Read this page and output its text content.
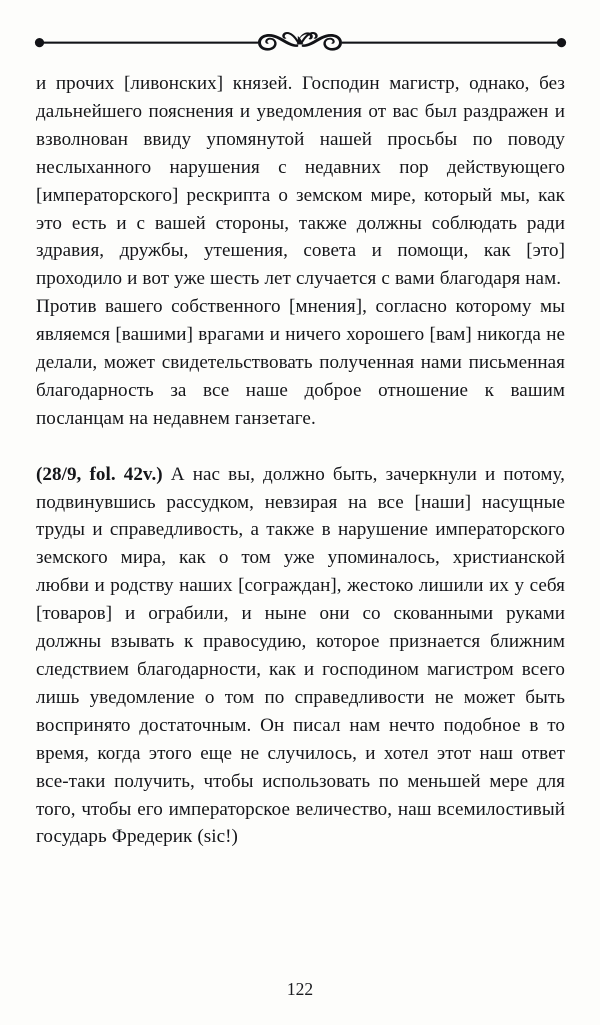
и прочих [ливонских] князей. Господин магистр, однако, без дальнейшего пояснения и уведомления от вас был раздражен и взволнован ввиду упомянутой нашей просьбы по поводу неслыханного нарушения с недавних пор действующего [императорского] рескрипта о земском мире, который мы, как это есть и с вашей стороны, также должны соблюдать ради здравия, дружбы, утешения, совета и помощи, как [это] проходило и вот уже шесть лет случается с вами благодаря нам.

Против вашего собственного [мнения], согласно которому мы являемся [вашими] врагами и ничего хорошего [вам] никогда не делали, может свидетельствовать полученная нами письменная благодарность за все наше доброе отношение к вашим посланцам на недавнем ганзетаге.

(28/9, fol. 42v.) А нас вы, должно быть, зачеркнули и потому, подвинувшись рассудком, невзирая на все [наши] насущные труды и справедливость, а также в нарушение императорского земского мира, как о том уже упоминалось, христианской любви и родству наших [сограждан], жестоко лишили их у себя [товаров] и ограбили, и ныне они со скованными руками должны взывать к правосудию, которое признается ближним следствием благодарности, как и господином магистром всего лишь уведомление о том по справедливости не может быть воспринято достаточным. Он писал нам нечто подобное в то время, когда этого еще не случилось, и хотел этот наш ответ все-таки получить, чтобы использовать по меньшей мере для того, чтобы его императорское величество, наш всемилостивый государь Фредерик (sic!)

122
